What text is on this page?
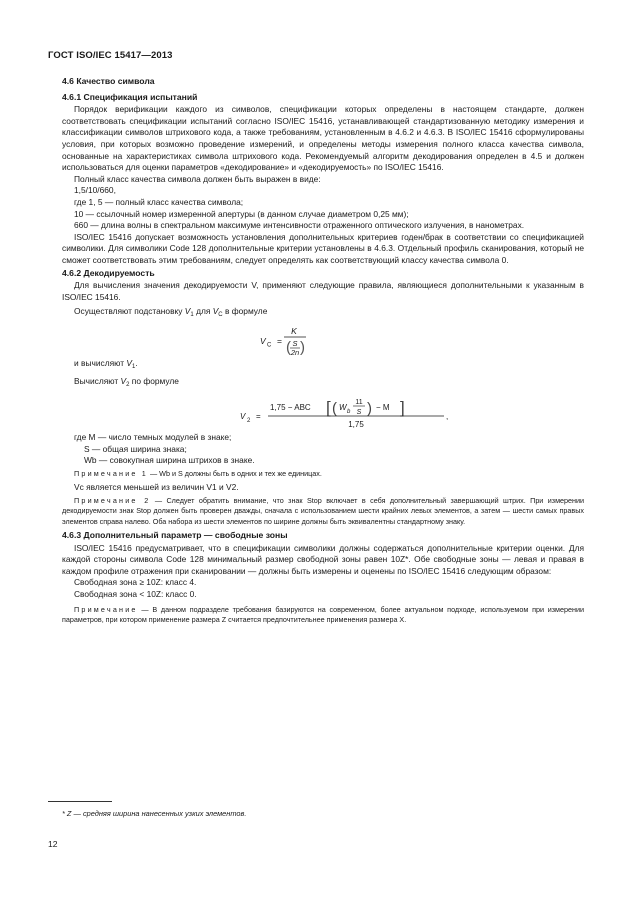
ГОСТ ISO/IEC 15417—2013
4.6 Качество символа
4.6.1 Спецификация испытаний

Порядок верификации каждого из символов, спецификации которых определены в настоящем стандарте, должен соответствовать спецификации испытаний согласно ISO/IEC 15416, устанавливающей стандартизованную методику измерения и классификации символов штрихового кода, а также требованиям, установленным в 4.6.2 и 4.6.3. В ISO/IEC 15416 сформулированы условия, при которых возможно проведение измерений, и определены методы измерения полного класса качества символа, основанные на характеристиках символа штрихового кода. Рекомендуемый алгоритм декодирования определен в 4.5 и должен использоваться для оценки параметров «декодирование» и «декодируемость» по ISO/IEC 15416.

Полный класс качества символа должен быть выражен в виде:

1,5/10/660,

где 1, 5 — полный класс качества символа;

10 — ссылочный номер измеренной апертуры (в данном случае диаметром 0,25 мм);

660 — длина волны в спектральном максимуме интенсивности отраженного оптического излучения, в нанометрах.

ISO/IEC 15416 допускает возможность установления дополнительных критериев годен/брак в соответствии со спецификацией символики. Для символики Code 128 дополнительные критерии установлены в 4.6.3. Отдельный профиль сканирования, который не сможет соответствовать этим требованиям, следует определять как соответствующий классу качества символа 0.

4.6.2 Декодируемость

Для вычисления значения декодируемости V, применяют следующие правила, являющиеся дополнительными к указанным в ISO/IEC 15416.

Осуществляют подстановку $V_1$ для $V_C$ в формуле

V C =
K
( S
2n )

и вычисляют $V_1$.

Вычисляют $V_2$ по формуле

V 2 =
1,75 − ABC [ ( W b
11
S ) − M ]
1,75
,

где M — число темных модулей в знаке;

S — общая ширина знака;

Wb — совокупная ширина штрихов в знаке.

Примечание 1 — Wb и S должны быть в одних и тех же единицах.

Vc является меньшей из величин V1 и V2.

Примечание 2 — Следует обратить внимание, что знак Stop включает в себя дополнительный завершающий штрих. При измерении декодируемости знак Stop должен быть проверен дважды, сначала с использованием шести крайних левых элементов, а затем — шести самых правых элементов справа налево. Оба набора из шести элементов по ширине должны быть эквивалентны стандартному знаку.

4.6.3 Дополнительный параметр — свободные зоны

ISO/IEC 15416 предусматривает, что в спецификации символики должны содержаться дополнительные критерии оценки. Для каждой стороны символа Code 128 минимальный размер свободной зоны равен 10Z*. Обе свободные зоны — левая и правая в каждом профиле отражения при сканировании — должны быть измерены и оценены по ISO/IEC 15416 следующим образом:

Свободная зона ≥ 10Z: класс 4.

Свободная зона < 10Z: класс 0.

Примечание — В данном подразделе требования базируются на современном, более актуальном подходе, используемом при измерении параметров, при котором применение размера Z считается предпочтительнее применения размера X.

* Z — средняя ширина нанесенных узких элементов.
12
